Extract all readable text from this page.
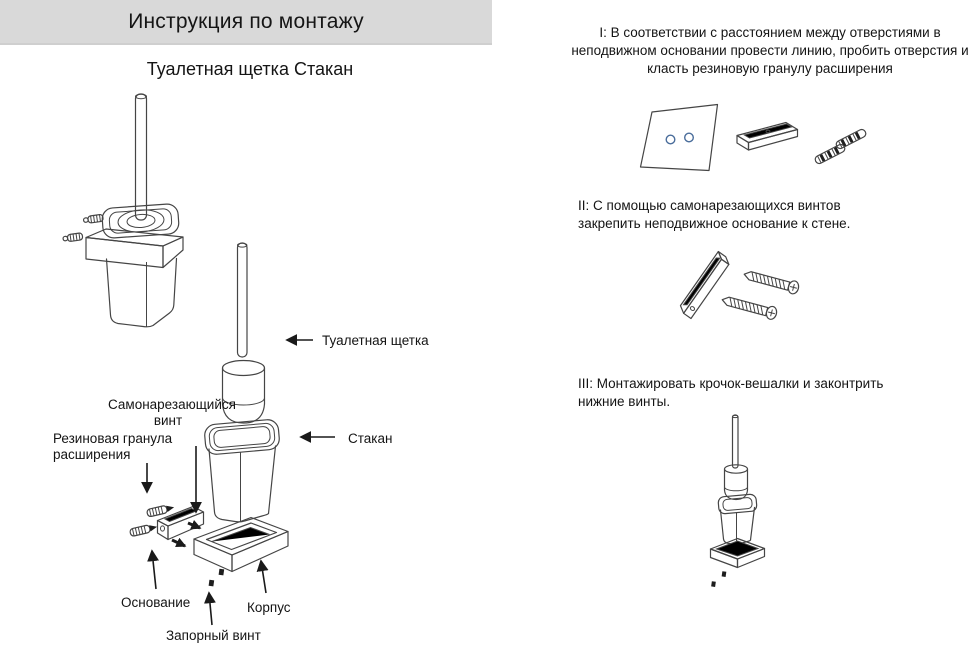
Инструкция по монтажу
Туалетная щетка Стакан
Туалетная щетка
Самонарезающийся винт
Резиновая гранула расширения
Стакан
Основание	Корпус
Запорный винт
I: В соответствии с расстоянием между отверстиями в неподвижном основании провести линию, пробить отверстия и класть резиновую гранулу расширения
II: С помощью самонарезающихся винтов закрепить неподвижное основание к стене.
III: Монтажировать крочок-вешалки и законтрить нижние винты.
